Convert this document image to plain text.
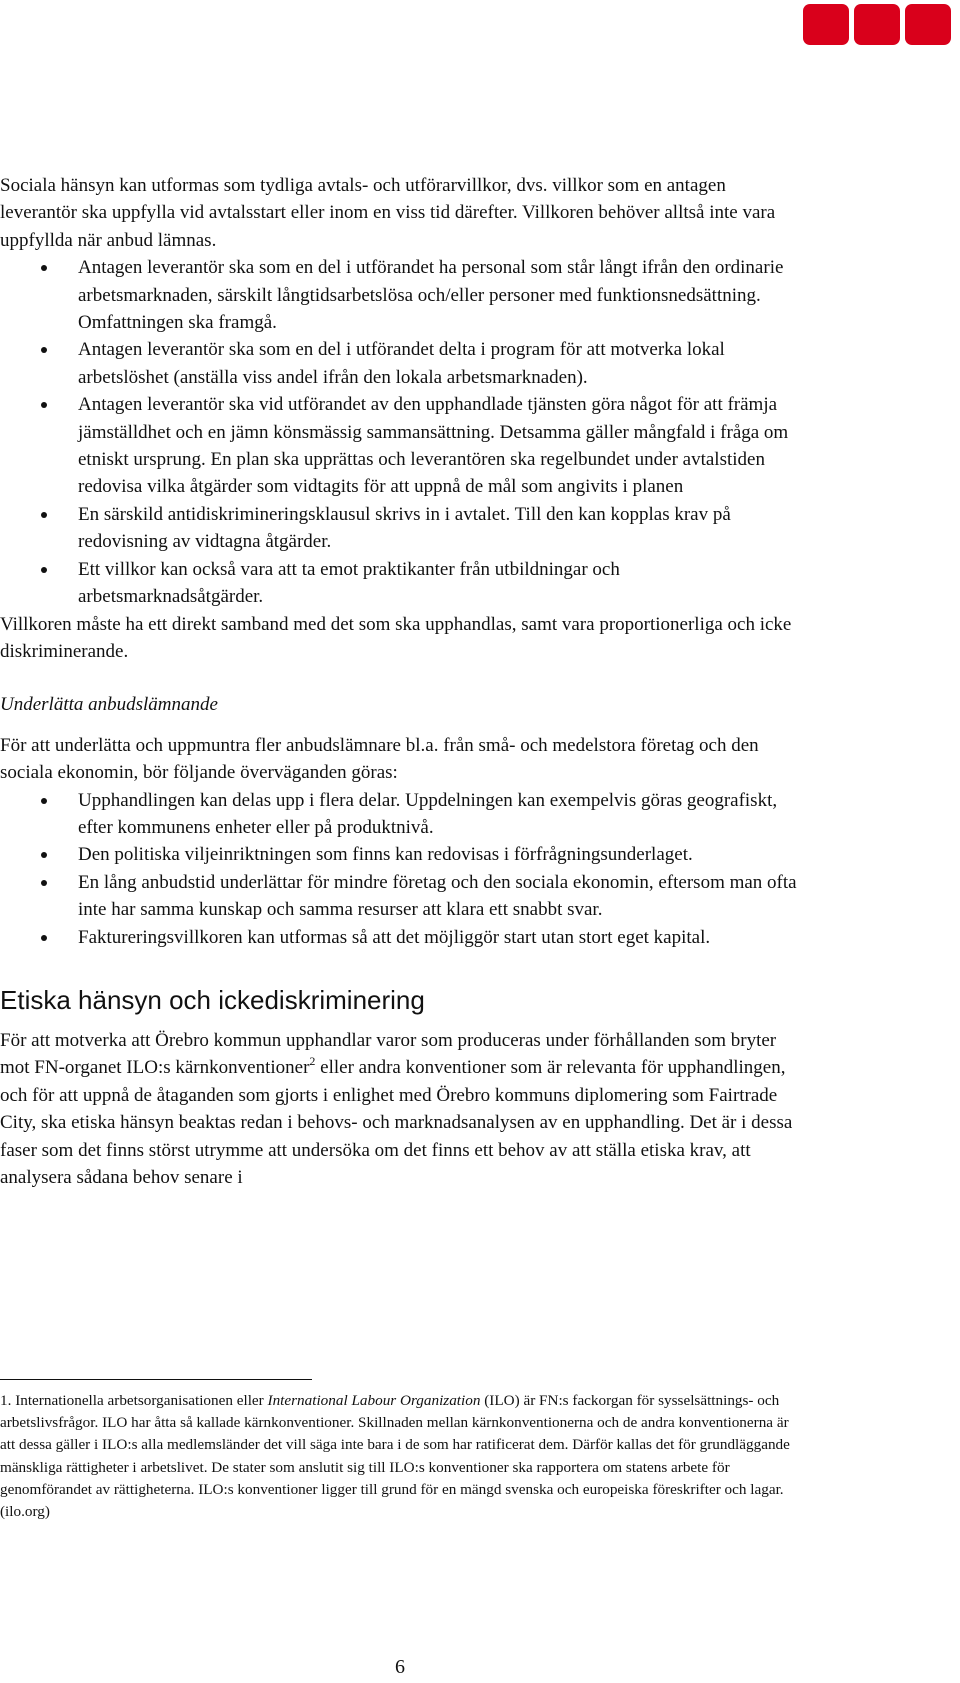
Sociala hänsyn kan utformas som tydliga avtals- och utförarvillkor, dvs. villkor som en antagen leverantör ska uppfylla vid avtalsstart eller inom en viss tid därefter. Villkoren behöver alltså inte vara uppfyllda när anbud lämnas.

Antagen leverantör ska som en del i utförandet ha personal som står långt ifrån den ordinarie arbetsmarknaden, särskilt långtidsarbetslösa och/eller personer med funktionsnedsättning. Omfattningen ska framgå.
Antagen leverantör ska som en del i utförandet delta i program för att motverka lokal arbetslöshet (anställa viss andel ifrån den lokala arbetsmarknaden).
Antagen leverantör ska vid utförandet av den upphandlade tjänsten göra något för att främja jämställdhet och en jämn könsmässig sammansättning. Detsamma gäller mångfald i fråga om etniskt ursprung. En plan ska upprättas och leverantören ska regelbundet under avtalstiden redovisa vilka åtgärder som vidtagits för att uppnå de mål som angivits i planen
En särskild antidiskrimineringsklausul skrivs in i avtalet. Till den kan kopplas krav på redovisning av vidtagna åtgärder.
Ett villkor kan också vara att ta emot praktikanter från utbildningar och arbetsmarknadsåtgärder.

Villkoren måste ha ett direkt samband med det som ska upphandlas, samt vara proportionerliga och icke diskriminerande.

Underlätta anbudslämnande

För att underlätta och uppmuntra fler anbudslämnare bl.a. från små- och medelstora företag och den sociala ekonomin, bör följande överväganden göras:

Upphandlingen kan delas upp i flera delar. Uppdelningen kan exempelvis göras geografiskt, efter kommunens enheter eller på produktnivå.
Den politiska viljeinriktningen som finns kan redovisas i förfrågningsunderlaget.
En lång anbudstid underlättar för mindre företag och den sociala ekonomin, eftersom man ofta inte har samma kunskap och samma resurser att klara ett snabbt svar.
Faktureringsvillkoren kan utformas så att det möjliggör start utan stort eget kapital.
Etiska hänsyn och ickediskriminering

För att motverka att Örebro kommun upphandlar varor som produceras under förhållanden som bryter mot FN-organet ILO:s kärnkonventioner$^2$ eller andra konventioner som är relevanta för upphandlingen, och för att uppnå de åtaganden som gjorts i enlighet med Örebro kommuns diplomering som Fairtrade City, ska etiska hänsyn beaktas redan i behovs- och marknadsanalysen av en upphandling. Det är i dessa faser som det finns störst utrymme att undersöka om det finns ett behov av att ställa etiska krav, att analysera sådana behov senare i

1. Internationella arbetsorganisationen eller International Labour Organization (ILO) är FN:s fackorgan för sysselsättnings- och arbetslivsfrågor. ILO har åtta så kallade kärnkonventioner. Skillnaden mellan kärnkonventionerna och de andra konventionerna är att dessa gäller i ILO:s alla medlemsländer det vill säga inte bara i de som har ratificerat dem. Därför kallas det för grundläggande mänskliga rättigheter i arbetslivet. De stater som anslutit sig till ILO:s konventioner ska rapportera om statens arbete för genomförandet av rättigheterna. ILO:s konventioner ligger till grund för en mängd svenska och europeiska föreskrifter och lagar. (ilo.org)

6
